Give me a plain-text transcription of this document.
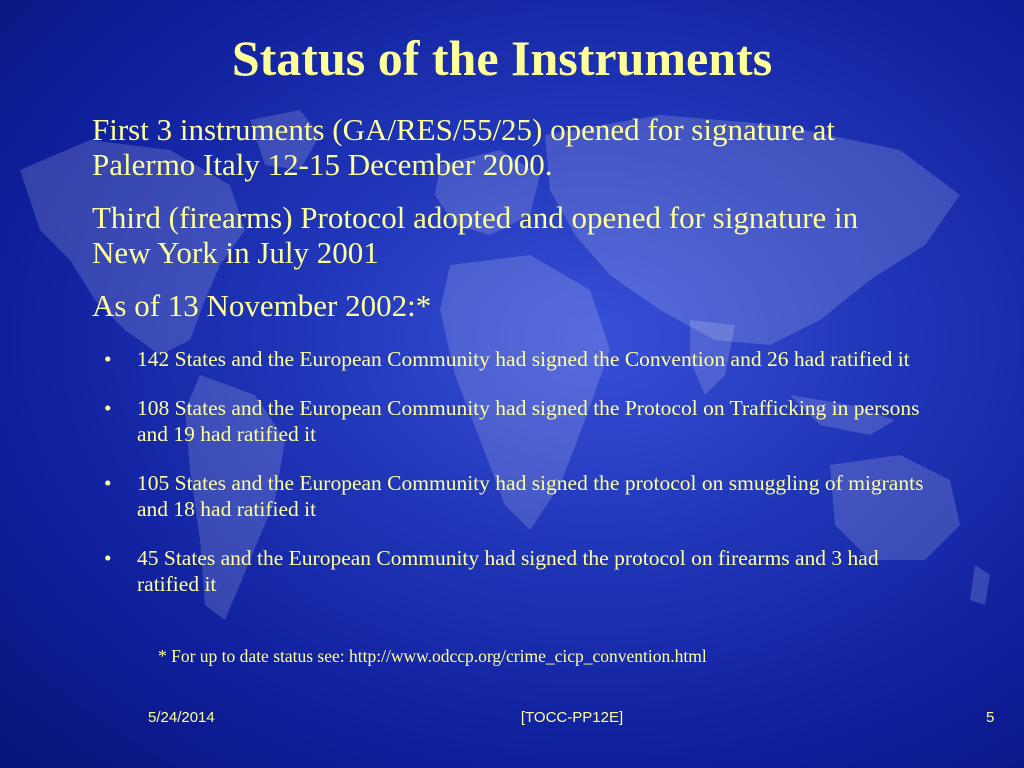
Status of the Instruments

First 3 instruments (GA/RES/55/25) opened for signature at Palermo Italy 12-15 December 2000.

Third (firearms) Protocol adopted and opened for signature in New York in July 2001

As of 13 November 2002:*

• 142 States and the European Community had signed the Convention and 26 had ratified it
• 108 States and the European Community had signed the Protocol on Trafficking in persons and 19 had ratified it
• 105 States and the European Community had signed the protocol on smuggling of migrants and 18 had ratified it
• 45 States and the European Community had signed the protocol on firearms and 3 had ratified it

* For up to date status see: http://www.odccp.org/crime_cicp_convention.html

5/24/2014	[TOCC-PP12E]	5
